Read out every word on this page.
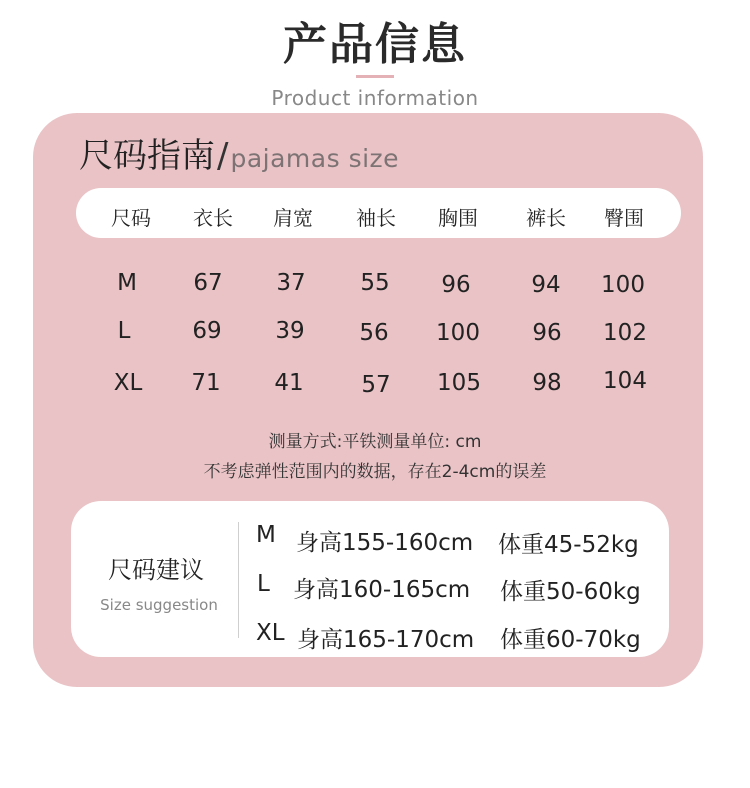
产品信息
Product information
尺码指南/pajamas size
尺码	衣长	肩宽	袖长	胸围	裤长	臀围
M	67	37	55	96	94	100
L	69	39	56	100	96	102
XL	71	41	57	105	98	104
测量方式:平铁测量单位: cm
不考虑弹性范围内的数据，存在2-4cm的误差
尺码建议
Size suggestion
M 身高155-160cm 体重45-52kg
L 身高160-165cm 体重50-60kg
XL 身高165-170cm 体重60-70kg
